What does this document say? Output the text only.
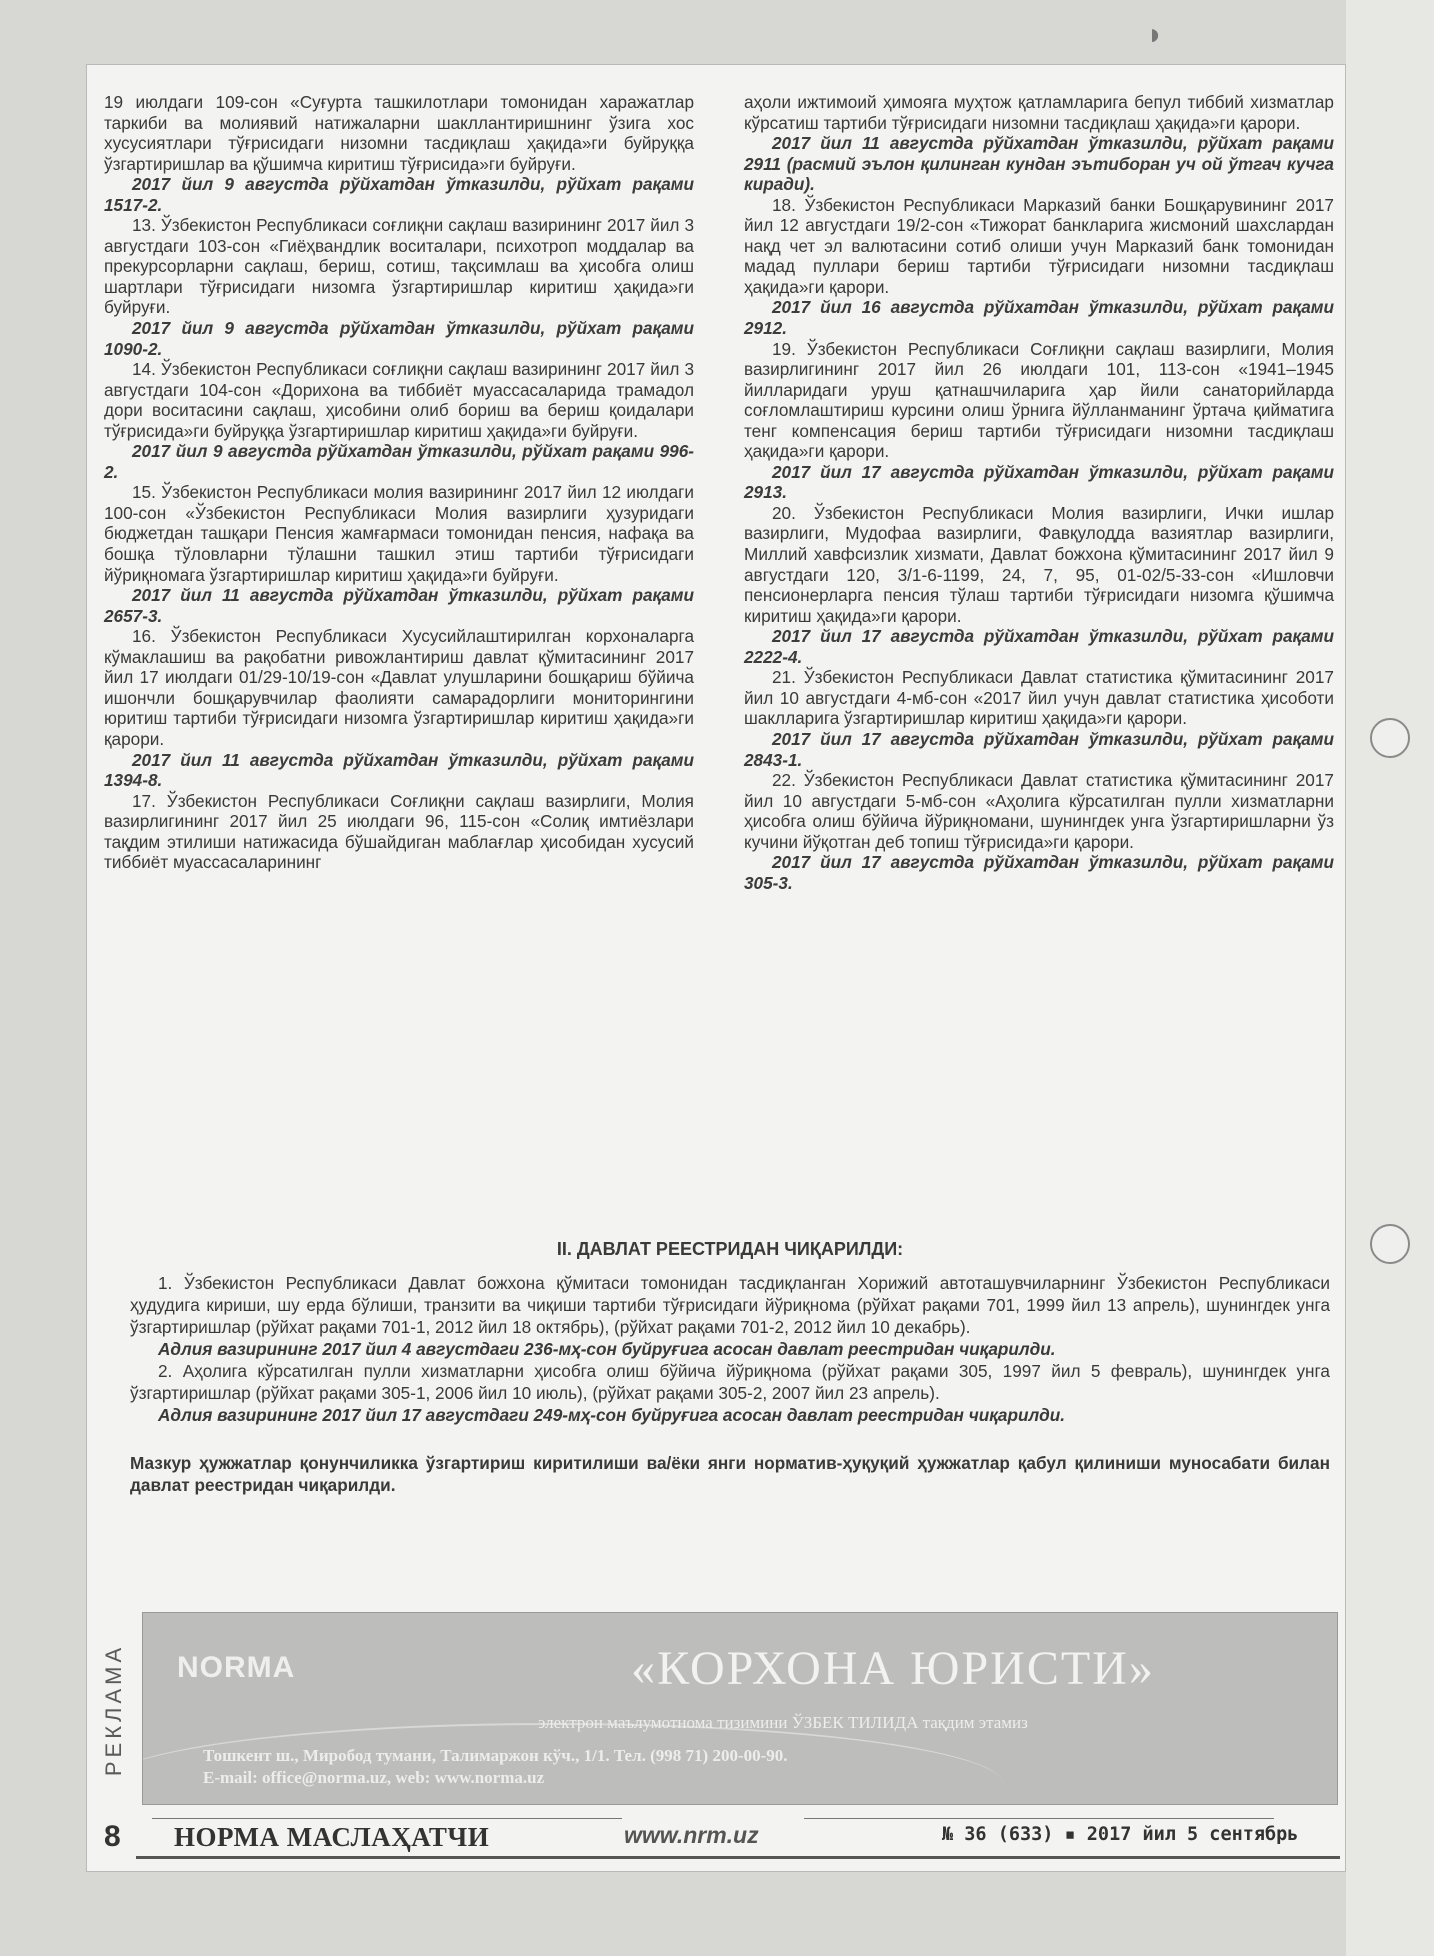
◗

19 июлдаги 109-сон «Суғурта ташкилотлари томонидан харажатлар таркиби ва молиявий натижаларни шакллантиришнинг ўзига хос хусусиятлари тўғрисидаги низомни тасдиқлаш ҳақида»ги буйруққа ўзгартиришлар ва қўшимча киритиш тўғрисида»ги буйруғи.

2017 йил 9 августда рўйхатдан ўтказилди, рўйхат рақами 1517-2.

13. Ўзбекистон Республикаси соғлиқни сақлаш вазирининг 2017 йил 3 августдаги 103-сон «Гиёҳвандлик воситалари, психотроп моддалар ва прекурсорларни сақлаш, бериш, сотиш, тақсимлаш ва ҳисобга олиш шартлари тўғрисидаги низомга ўзгартиришлар киритиш ҳақида»ги буйруғи.

2017 йил 9 августда рўйхатдан ўтказилди, рўйхат рақами 1090-2.

14. Ўзбекистон Республикаси соғлиқни сақлаш вазирининг 2017 йил 3 августдаги 104-сон «Дорихона ва тиббиёт муассасаларида трамадол дори воситасини сақлаш, ҳисобини олиб бориш ва бериш қоидалари тўғрисида»ги буйруққа ўзгартиришлар киритиш ҳақида»ги буйруғи.

2017 йил 9 августда рўйхатдан ўтказилди, рўйхат рақами 996-2.

15. Ўзбекистон Республикаси молия вазирининг 2017 йил 12 июлдаги 100-сон «Ўзбекистон Республикаси Молия вазирлиги ҳузуридаги бюджетдан ташқари Пенсия жамғармаси томонидан пенсия, нафақа ва бошқа тўловларни тўлашни ташкил этиш тартиби тўғрисидаги йўриқномага ўзгартиришлар киритиш ҳақида»ги буйруғи.

2017 йил 11 августда рўйхатдан ўтказилди, рўйхат рақами 2657-3.

16. Ўзбекистон Республикаси Хусусийлаштирилган корхоналарга кўмаклашиш ва рақобатни ривожлантириш давлат қўмитасининг 2017 йил 17 июлдаги 01/29-10/19-сон «Давлат улушларини бошқариш бўйича ишончли бошқарувчилар фаолияти самарадорлиги мониторингини юритиш тартиби тўғрисидаги низомга ўзгартиришлар киритиш ҳақида»ги қарори.

2017 йил 11 августда рўйхатдан ўтказилди, рўйхат рақами 1394-8.

17. Ўзбекистон Республикаси Соғлиқни сақлаш вазирлиги, Молия вазирлигининг 2017 йил 25 июлдаги 96, 115-сон «Солиқ имтиёзлари тақдим этилиши натижасида бўшайдиган маблағлар ҳисобидан хусусий тиббиёт муассасаларининг

аҳоли ижтимоий ҳимояга муҳтож қатламларига бепул тиббий хизматлар кўрсатиш тартиби тўғрисидаги низомни тасдиқлаш ҳақида»ги қарори.

2017 йил 11 августда рўйхатдан ўтказилди, рўйхат рақами 2911 (расмий эълон қилинган кундан эътиборан уч ой ўтгач кучга киради).

18. Ўзбекистон Республикаси Марказий банки Бошқарувининг 2017 йил 12 августдаги 19/2-сон «Тижорат банкларига жисмоний шахслардан нақд чет эл валютасини сотиб олиши учун Марказий банк томонидан мадад пуллари бериш тартиби тўғрисидаги низомни тасдиқлаш ҳақида»ги қарори.

2017 йил 16 августда рўйхатдан ўтказилди, рўйхат рақами 2912.

19. Ўзбекистон Республикаси Соғлиқни сақлаш вазирлиги, Молия вазирлигининг 2017 йил 26 июлдаги 101, 113-сон «1941–1945 йилларидаги уруш қатнашчиларига ҳар йили санаторийларда соғломлаштириш курсини олиш ўрнига йўлланманинг ўртача қийматига тенг компенсация бериш тартиби тўғрисидаги низомни тасдиқлаш ҳақида»ги қарори.

2017 йил 17 августда рўйхатдан ўтказилди, рўйхат рақами 2913.

20. Ўзбекистон Республикаси Молия вазирлиги, Ички ишлар вазирлиги, Мудофаа вазирлиги, Фавқулодда вазиятлар вазирлиги, Миллий хавфсизлик хизмати, Давлат божхона қўмитасининг 2017 йил 9 августдаги 120, 3/1-6-1199, 24, 7, 95, 01-02/5-33-сон «Ишловчи пенсионерларга пенсия тўлаш тартиби тўғрисидаги низомга қўшимча киритиш ҳақида»ги қарори.

2017 йил 17 августда рўйхатдан ўтказилди, рўйхат рақами 2222-4.

21. Ўзбекистон Республикаси Давлат статистика қўмитасининг 2017 йил 10 августдаги 4-мб-сон «2017 йил учун давлат статистика ҳисоботи шаклларига ўзгартиришлар киритиш ҳақида»ги қарори.

2017 йил 17 августда рўйхатдан ўтказилди, рўйхат рақами 2843-1.

22. Ўзбекистон Республикаси Давлат статистика қўмитасининг 2017 йил 10 августдаги 5-мб-сон «Аҳолига кўрсатилган пулли хизматларни ҳисобга олиш бўйича йўриқномани, шунингдек унга ўзгартиришларни ўз кучини йўқотган деб топиш тўғрисида»ги қарори.

2017 йил 17 августда рўйхатдан ўтказилди, рўйхат рақами 305-3.

II. ДАВЛАТ РЕЕСТРИДАН ЧИҚАРИЛДИ:

1. Ўзбекистон Республикаси Давлат божхона қўмитаси томонидан тасдиқланган Хорижий автоташувчиларнинг Ўзбекистон Республикаси ҳудудига кириши, шу ерда бўлиши, транзити ва чиқиши тартиби тўғрисидаги йўриқнома (рўйхат рақами 701, 1999 йил 13 апрель), шунингдек унга ўзгартиришлар (рўйхат рақами 701-1, 2012 йил 18 октябрь), (рўйхат рақами 701-2, 2012 йил 10 декабрь).

Адлия вазирининг 2017 йил 4 августдаги 236-мҳ-сон буйруғига асосан давлат реестридан чиқарилди.

2. Аҳолига кўрсатилган пулли хизматларни ҳисобга олиш бўйича йўриқнома (рўйхат рақами 305, 1997 йил 5 февраль), шунингдек унга ўзгартиришлар (рўйхат рақами 305-1, 2006 йил 10 июль), (рўйхат рақами 305-2, 2007 йил 23 апрель).

Адлия вазирининг 2017 йил 17 августдаги 249-мҳ-сон буйруғига асосан давлат реестридан чиқарилди.

Мазкур ҳужжатлар қонунчиликка ўзгартириш киритилиши ва/ёки янги норматив-ҳуқуқий ҳужжатлар қабул қилиниши муносабати билан давлат реестридан чиқарилди.

РЕКЛАМА	NORMA	«КОРХОНА ЮРИСТИ»
электрон маълумотнома тизимини ЎЗБЕК ТИЛИДА тақдим этамиз
Тошкент ш., Миробод тумани, Талимаржон кўч., 1/1. Тел. (998 71) 200-00-90.
E-mail: office@norma.uz, web: www.norma.uz
8 НОРМА МАСЛАҲАТЧИ	www.nrm.uz	№ 36 (633) ▪ 2017 йил 5 сентябрь
